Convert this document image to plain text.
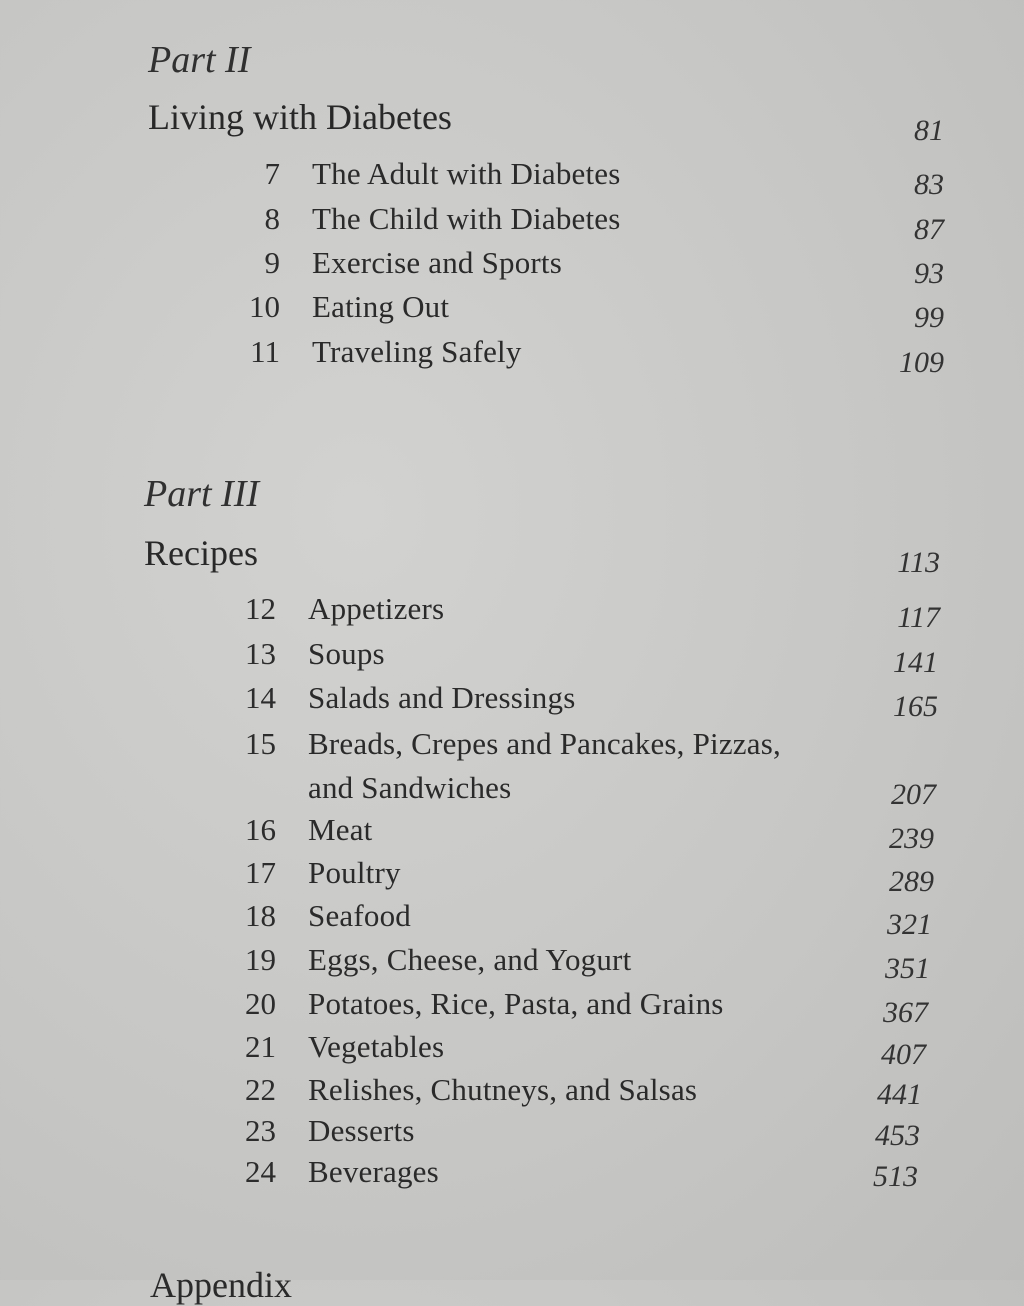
Part II
Living with Diabetes	81
7 The Adult with Diabetes	83
8 The Child with Diabetes	87
9 Exercise and Sports	93
10 Eating Out	99
11 Traveling Safely	109
Part III
Recipes	113
12 Appetizers	117
13 Soups	141
14 Salads and Dressings	165
15 Breads, Crepes and Pancakes, Pizzas,
and Sandwiches	207
16 Meat	239
17 Poultry	289
18 Seafood	321
19 Eggs, Cheese, and Yogurt	351
20 Potatoes, Rice, Pasta, and Grains	367
21 Vegetables	407
22 Relishes, Chutneys, and Salsas	441
23 Desserts	453
24 Beverages	513
Appendix
